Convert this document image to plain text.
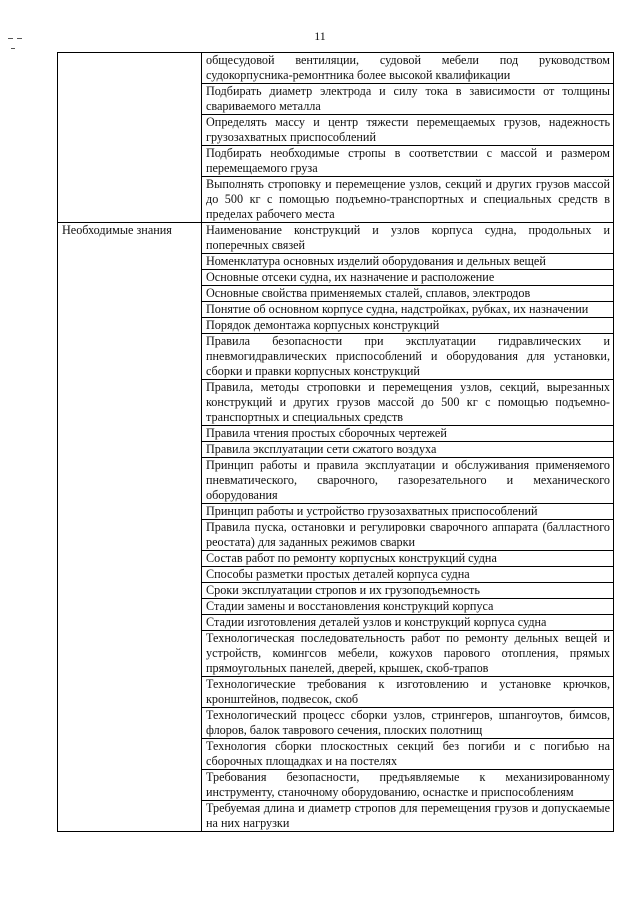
11
	общесудовой вентиляции, судовой мебели под руководством судокорпусника-ремонтника более высокой квалификации
	Подбирать диаметр электрода и силу тока в зависимости от толщины свариваемого металла
	Определять массу и центр тяжести перемещаемых грузов, надежность грузозахватных приспособлений
	Подбирать необходимые стропы в соответствии с массой и размером перемещаемого груза
	Выполнять строповку и перемещение узлов, секций и других грузов массой до 500 кг с помощью подъемно-транспортных и специальных средств в пределах рабочего места
Необходимые знания	Наименование конструкций и узлов корпуса судна, продольных и поперечных связей
	Номенклатура основных изделий оборудования и дельных вещей
	Основные отсеки судна, их назначение и расположение
	Основные свойства применяемых сталей, сплавов, электродов
	Понятие об основном корпусе судна, надстройках, рубках, их назначении
	Порядок демонтажа корпусных конструкций
	Правила безопасности при эксплуатации гидравлических и пневмогидравлических приспособлений и оборудования для установки, сборки и правки корпусных конструкций
	Правила, методы строповки и перемещения узлов, секций, вырезанных конструкций и других грузов массой до 500 кг с помощью подъемно-транспортных и специальных средств
	Правила чтения простых сборочных чертежей
	Правила эксплуатации сети сжатого воздуха
	Принцип работы и правила эксплуатации и обслуживания применяемого пневматического, сварочного, газорезательного и механического оборудования
	Принцип работы и устройство грузозахватных приспособлений
	Правила пуска, остановки и регулировки сварочного аппарата (балластного реостата) для заданных режимов сварки
	Состав работ по ремонту корпусных конструкций судна
	Способы разметки простых деталей корпуса судна
	Сроки эксплуатации стропов и их грузоподъемность
	Стадии замены и восстановления конструкций корпуса
	Стадии изготовления деталей узлов и конструкций корпуса судна
	Технологическая последовательность работ по ремонту дельных вещей и устройств, комингсов мебели, кожухов парового отопления, прямых прямоугольных панелей, дверей, крышек, скоб-трапов
	Технологические требования к изготовлению и установке крючков, кронштейнов, подвесок, скоб
	Технологический процесс сборки узлов, стрингеров, шпангоутов, бимсов, флоров, балок таврового сечения, плоских полотнищ
	Технология сборки плоскостных секций без погиби и с погибью на сборочных площадках и на постелях
	Требования безопасности, предъявляемые к механизированному инструменту, станочному оборудованию, оснастке и приспособлениям
	Требуемая длина и диаметр стропов для перемещения грузов и допускаемые на них нагрузки
